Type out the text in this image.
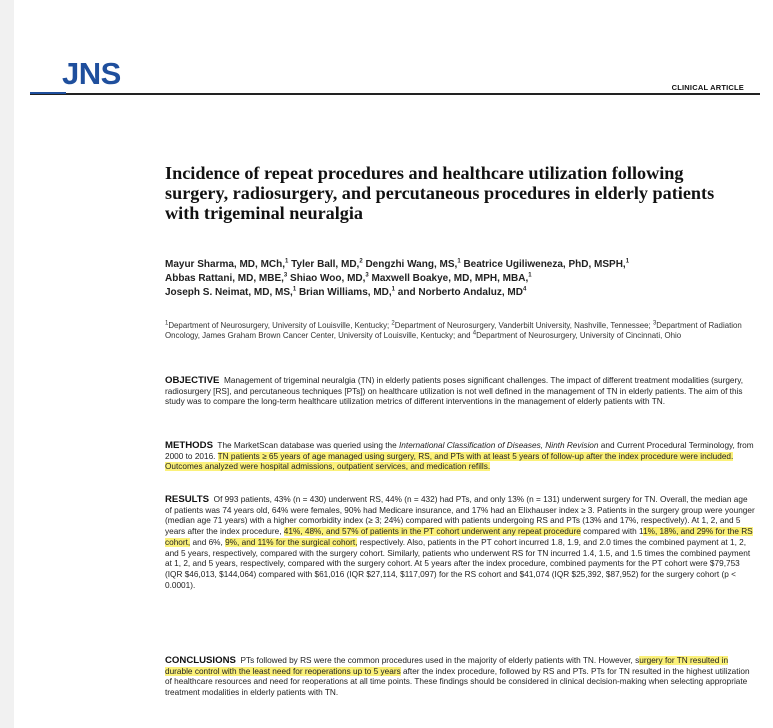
JNS	CLINICAL ARTICLE
Incidence of repeat procedures and healthcare utilization following surgery, radiosurgery, and percutaneous procedures in elderly patients with trigeminal neuralgia

Mayur Sharma, MD, MCh,$^1$ Tyler Ball, MD,$^2$ Dengzhi Wang, MS,$^1$ Beatrice Ugiliweneza, PhD, MSPH,$^1$
Abbas Rattani, MD, MBE,$^3$ Shiao Woo, MD,$^3$ Maxwell Boakye, MD, MPH, MBA,$^1$
Joseph S. Neimat, MD, MS,$^1$ Brian Williams, MD,$^1$ and Norberto Andaluz, $MD^4$

$^1$Department of Neurosurgery, University of Louisville, Kentucky; $^2$Department of Neurosurgery, Vanderbilt University, Nashville, Tennessee; $^3$Department of Radiation Oncology, James Graham Brown Cancer Center, University of Louisville, Kentucky; and $^4$Department of Neurosurgery, University of Cincinnati, Ohio

OBJECTIVE Management of trigeminal neuralgia (TN) in elderly patients poses significant challenges. The impact of different treatment modalities (surgery, radiosurgery [RS], and percutaneous techniques [PTs]) on healthcare utilization is not well defined in the management of TN in elderly patients. The aim of this study was to compare the long-term healthcare utilization metrics of different interventions in the management of elderly patients with TN.

METHODS The MarketScan database was queried using the International Classification of Diseases, Ninth Revision and Current Procedural Terminology, from 2000 to 2016. TN patients ≥ 65 years of age managed using surgery, RS, and PTs with at least 5 years of follow-up after the index procedure were included. Outcomes analyzed were hospital admissions, outpatient services, and medication refills.

RESULTS Of 993 patients, 43% (n = 430) underwent RS, 44% (n = 432) had PTs, and only 13% (n = 131) underwent surgery for TN. Overall, the median age of patients was 74 years old, 64% were females, 90% had Medicare insurance, and 17% had an Elixhauser index ≥ 3. Patients in the surgery group were younger (median age 71 years) with a higher comorbidity index (≥ 3; 24%) compared with patients undergoing RS and PTs (13% and 17%, respectively). At 1, 2, and 5 years after the index procedure, 41%, 48%, and 57% of patients in the PT cohort underwent any repeat procedure compared with 11%, 18%, and 29% for the RS cohort, and 6%, 9%, and 11% for the surgical cohort, respectively. Also, patients in the PT cohort incurred 1.8, 1.9, and 2.0 times the combined payment at 1, 2, and 5 years, respectively, compared with the surgery cohort. Similarly, patients who underwent RS for TN incurred 1.4, 1.5, and 1.5 times the combined payment at 1, 2, and 5 years, respectively, compared with the surgery cohort. At 5 years after the index procedure, combined payments for the PT cohort were $79,753 (IQR $46,013, $144,064) compared with $61,016 (IQR $27,114, $117,097) for the RS cohort and $41,074 (IQR $25,392, $87,952) for the surgery cohort (p < 0.0001).

CONCLUSIONS PTs followed by RS were the common procedures used in the majority of elderly patients with TN. However, surgery for TN resulted in durable control with the least need for reoperations up to 5 years after the index procedure, followed by RS and PTs. PTs for TN resulted in the highest utilization of healthcare resources and need for reoperations at all time points. These findings should be considered in clinical decision-making when selecting appropriate treatment modalities in elderly patients with TN.
